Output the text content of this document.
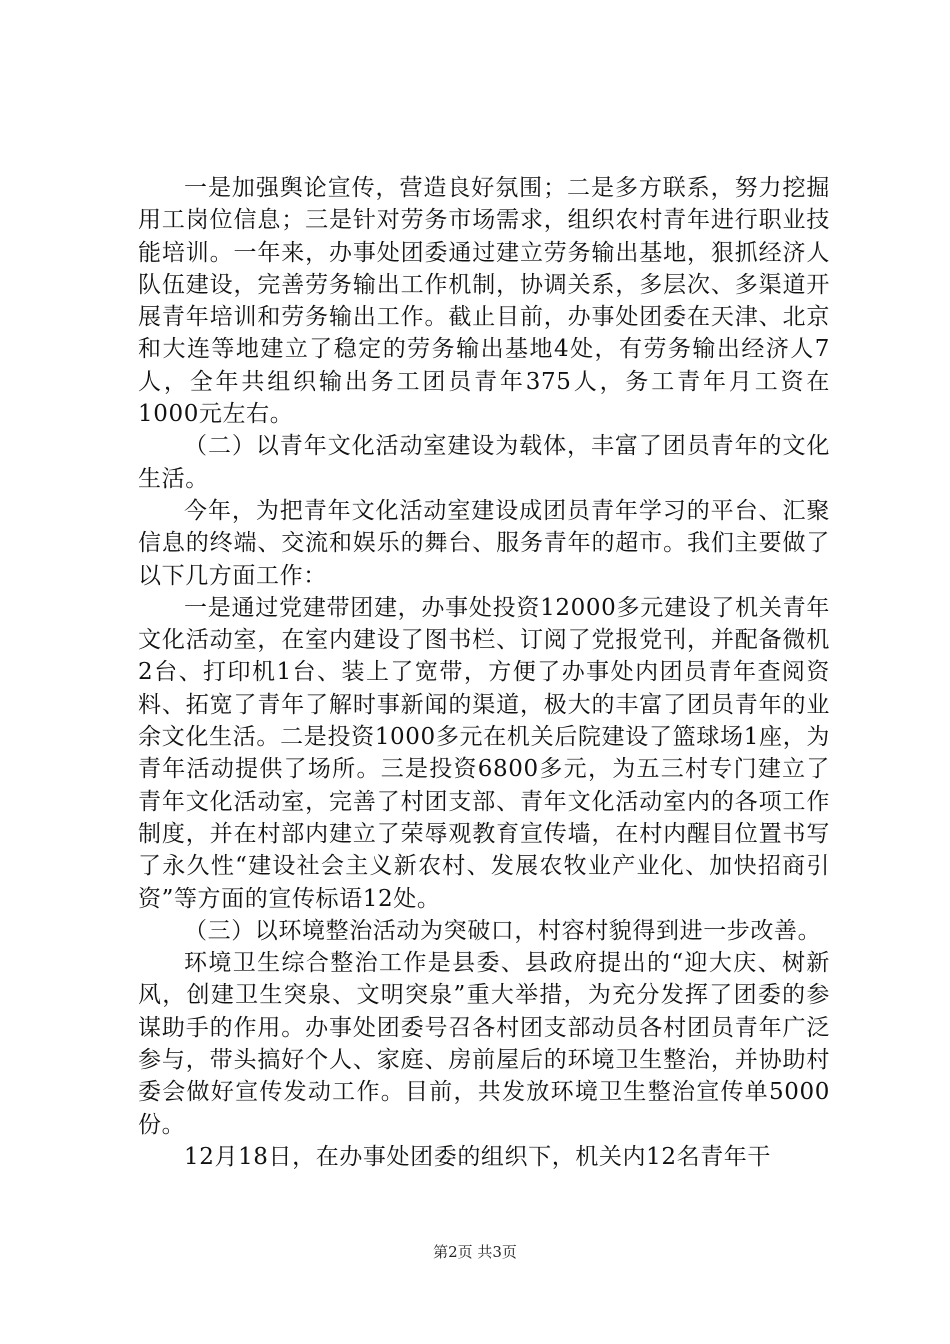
一是加强舆论宣传，营造良好氛围；二是多方联系，努力挖掘用工岗位信息；三是针对劳务市场需求，组织农村青年进行职业技能培训。一年来，办事处团委通过建立劳务输出基地，狠抓经济人队伍建设，完善劳务输出工作机制，协调关系，多层次、多渠道开展青年培训和劳务输出工作。截止目前，办事处团委在天津、北京和大连等地建立了稳定的劳务输出基地4处，有劳务输出经济人7人，全年共组织输出务工团员青年375人，务工青年月工资在1000元左右。

（二）以青年文化活动室建设为载体，丰富了团员青年的文化生活。

今年，为把青年文化活动室建设成团员青年学习的平台、汇聚信息的终端、交流和娱乐的舞台、服务青年的超市。我们主要做了以下几方面工作：

一是通过党建带团建，办事处投资12000多元建设了机关青年文化活动室，在室内建设了图书栏、订阅了党报党刊，并配备微机2台、打印机1台、装上了宽带，方便了办事处内团员青年查阅资料、拓宽了青年了解时事新闻的渠道，极大的丰富了团员青年的业余文化生活。二是投资1000多元在机关后院建设了篮球场1座，为青年活动提供了场所。三是投资6800多元，为五三村专门建立了青年文化活动室，完善了村团支部、青年文化活动室内的各项工作制度，并在村部内建立了荣辱观教育宣传墙，在村内醒目位置书写了永久性“建设社会主义新农村、发展农牧业产业化、加快招商引资”等方面的宣传标语12处。

（三）以环境整治活动为突破口，村容村貌得到进一步改善。

环境卫生综合整治工作是县委、县政府提出的“迎大庆、树新风，创建卫生突泉、文明突泉”重大举措，为充分发挥了团委的参谋助手的作用。办事处团委号召各村团支部动员各村团员青年广泛参与，带头搞好个人、家庭、房前屋后的环境卫生整治，并协助村委会做好宣传发动工作。目前，共发放环境卫生整治宣传单5000份。

12月18日，在办事处团委的组织下，机关内12名青年干

第2页 共3页
